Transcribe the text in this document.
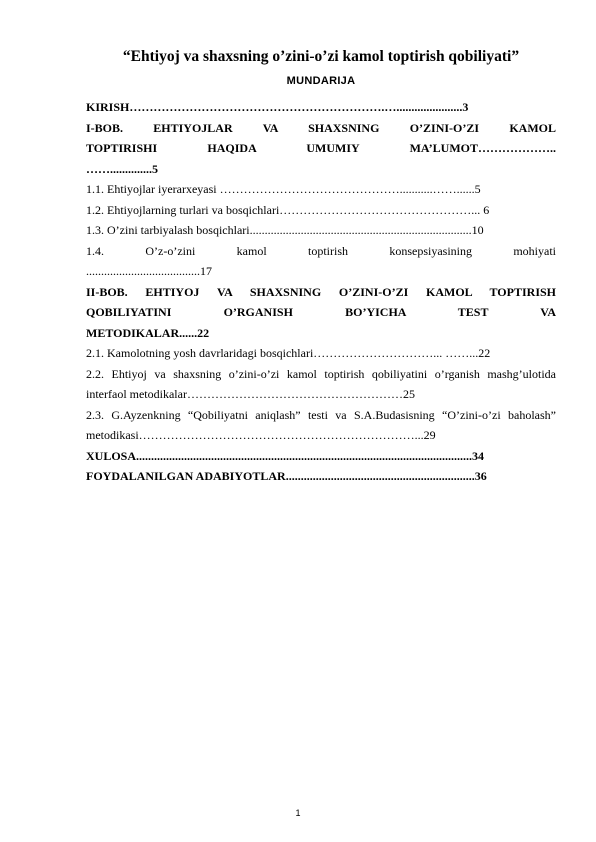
“Ehtiyoj va shaxsning o’zini-o’zi kamol toptirish qobiliyati”
MUNDARIJA
KIRISH……………………………………………………….…......................3
I-BOB. EHTIYOJLAR VA SHAXSNING O’ZINI-O’ZI KAMOL
TOPTIRISHI HAQIDA UMUMIY MA’LUMOT………………..
……..............5
1.1. Ehtiyojlar iyerarxeyasi ………………………………………...........……......5
1.2. Ehtiyojlarning turlari va bosqichlari…………………………………………... 6
1.3. O’zini tarbiyalash bosqichlari..........................................................................10
1.4. O’z-o’zini kamol toptirish konsepsiyasining mohiyati
......................................17
II-BOB. EHTIYOJ VA SHAXSNING O’ZINI-O’ZI KAMOL TOPTIRISH
QOBILIYATINI O’RGANISH BO’YICHA TEST VA
METODIKALAR......22
2.1. Kamolotning yosh davrlaridagi bosqichlari…………………………... ……...22
2.2. Ehtiyoj va shaxsning o’zini-o’zi kamol toptirish qobiliyatini o’rganish mashg’ulotida interfaol metodikalar………………………………………………25
2.3. G.Ayzenkning “Qobiliyatni aniqlash” testi va S.A.Budasisning “O’zini-o’zi baholash” metodikasi……………………………………………………………...29
XULOSA................................................................................................................34
FOYDALANILGAN ADABIYOTLAR...............................................................36
1
